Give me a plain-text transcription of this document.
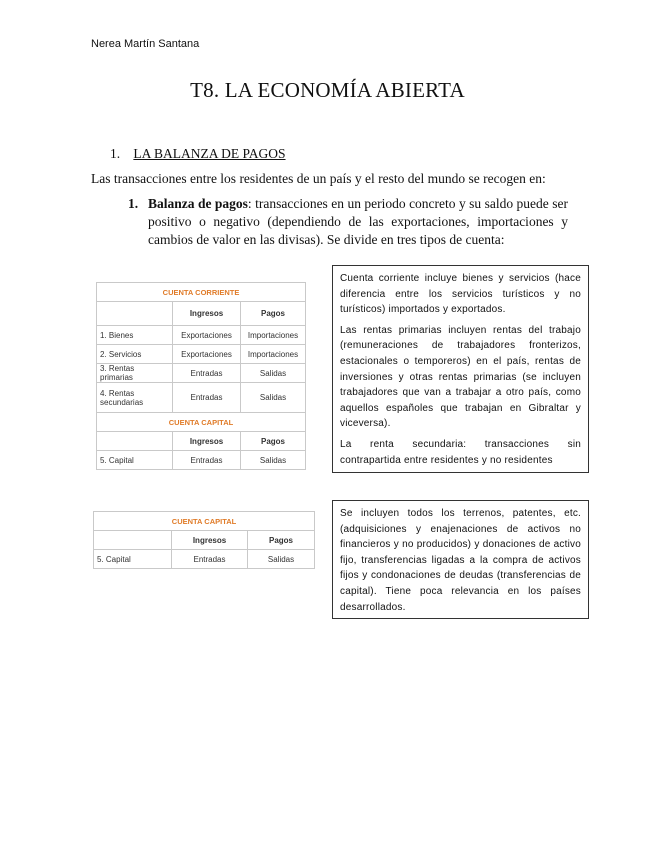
Nerea Martín Santana
T8. LA ECONOMÍA ABIERTA
1. LA BALANZA DE PAGOS
Las transacciones entre los residentes de un país y el resto del mundo se recogen en:
1. Balanza de pagos: transacciones en un periodo concreto y su saldo puede ser positivo o negativo (dependiendo de las exportaciones, importaciones y cambios de valor en las divisas). Se divide en tres tipos de cuenta:
CUENTA CORRIENTE		
	Ingresos	Pagos
1. Bienes	Exportaciones	Importaciones
2. Servicios	Exportaciones	Importaciones
3. Rentas primarias	Entradas	Salidas
4. Rentas secundarias	Entradas	Salidas
CUENTA CAPITAL		
	Ingresos	Pagos
5. Capital	Entradas	Salidas

Cuenta corriente incluye bienes y servicios (hace diferencia entre los servicios turísticos y no turísticos) importados y exportados.

Las rentas primarias incluyen rentas del trabajo (remuneraciones de trabajadores fronterizos, estacionales o temporeros) en el país, rentas de inversiones y otras rentas primarias (se incluyen trabajadores que van a trabajar a otro país, como aquellos españoles que trabajan en Gibraltar y viceversa).

La renta secundaria: transacciones sin contrapartida entre residentes y no residentes

CUENTA CAPITAL		
	Ingresos	Pagos
5. Capital	Entradas	Salidas

Se incluyen todos los terrenos, patentes, etc. (adquisiciones y enajenaciones de activos no financieros y no producidos) y donaciones de activo fijo, transferencias ligadas a la compra de activos fijos y condonaciones de deudas (transferencias de capital). Tiene poca relevancia en los países desarrollados.
